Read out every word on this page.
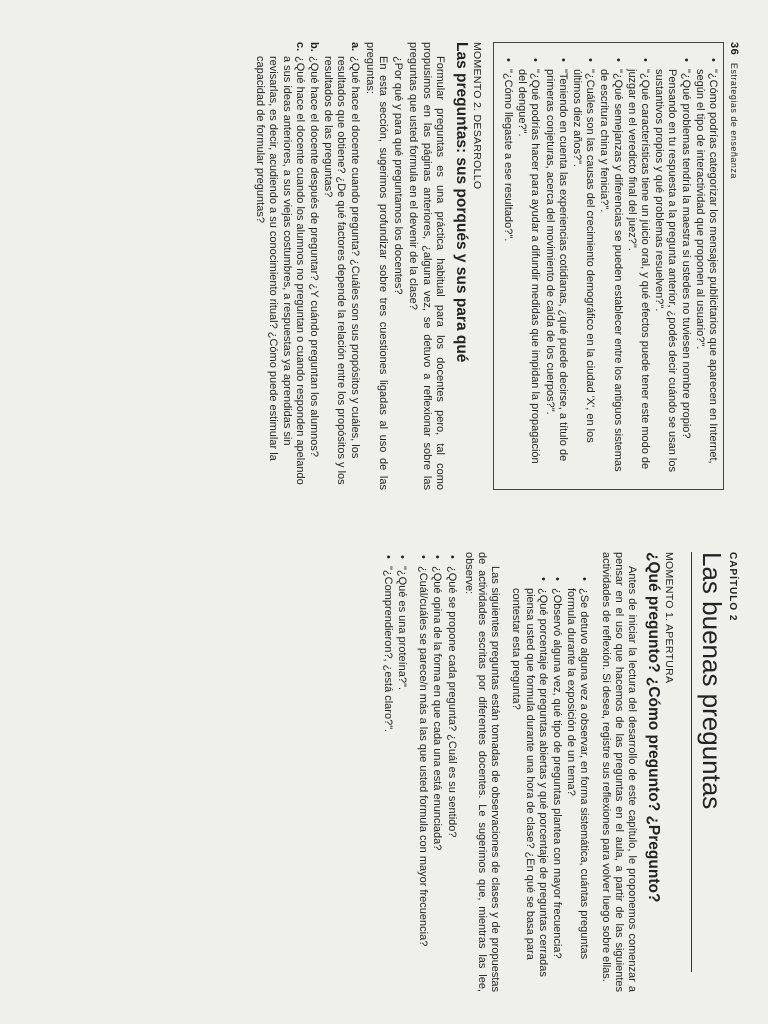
36 Estrategias de enseñanza
• "¿Cómo podrías categorizar los mensajes publicitarios que aparecen en Internet, según el tipo de interactividad que proponen al usuario?".
• "¿Qué problemas tendría la maestra si ustedes no tuviesen nombre propio? Pensando en tu respuesta a la pregunta anterior, ¿podés decir cuándo se usan los sustantivos propios y qué problemas resuelven?".
• "¿Qué características tiene un juicio oral, y qué efectos puede tener este modo de juzgar en el veredicto final del juez?".
• "¿Qué semejanzas y diferencias se pueden establecer entre los antiguos sistemas de escritura china y fenicia?".
• "¿Cuáles son las causas del crecimiento demográfico en la ciudad 'X', en los últimos diez años?".
• "Teniendo en cuenta las experiencias cotidianas, ¿qué puede decirse, a título de primeras conjeturas, acerca del movimiento de caída de los cuerpos?".
• "¿Qué podrías hacer para ayudar a difundir medidas que impidan la propagación del dengue?".
• "¿Cómo llegaste a ese resultado?".
MOMENTO 2. DESARROLLO
Las preguntas: sus porqués y sus para qué

Formular preguntas es una práctica habitual para los docentes pero, tal como propusimos en las páginas anteriores, ¿alguna vez, se detuvo a reflexionar sobre las preguntas que usted formula en el devenir de la clase?

¿Por qué y para qué preguntamos los docentes?

En esta sección, sugerimos profundizar sobre tres cuestiones ligadas al uso de las preguntas:

a. ¿Qué hace el docente cuando pregunta? ¿Cuáles son sus propósitos y cuáles, los resultados que obtiene? ¿De qué factores depende la relación entre los propósitos y los resultados de las preguntas?
b. ¿Qué hace el docente después de preguntar? ¿Y cuándo preguntan los alumnos?
c. ¿Qué hace el docente cuando los alumnos no preguntan o cuando responden apelando a sus ideas anteriores, a sus viejas costumbres, a respuestas ya aprendidas sin revisarlas, es decir, acudiendo a su conocimiento ritual? ¿Cómo puede estimular la capacidad de formular preguntas?
CAPÍTULO 2
Las buenas preguntas
MOMENTO 1. APERTURA
¿Qué pregunto? ¿Cómo pregunto? ¿Pregunto?

Antes de iniciar la lectura del desarrollo de este capítulo, le proponemos comenzar a pensar en el uso que hacemos de las preguntas en el aula, a partir de las siguientes actividades de reflexión. Si desea, registre sus reflexiones para volver luego sobre ellas.

• ¿Se detuvo alguna vez a observar, en forma sistemática, cuántas preguntas formula durante la exposición de un tema?
• ¿Observó alguna vez, qué tipo de preguntas plantea con mayor frecuencia?
• ¿Qué porcentaje de preguntas abiertas y qué porcentaje de preguntas cerradas piensa usted que formula durante una hora de clase? ¿En qué se basa para contestar esta pregunta?

Las siguientes preguntas están tomadas de observaciones de clases y de propuestas de actividades escritas por diferentes docentes. Le sugerimos que, mientras las lee, observe:

• ¿Qué se propone cada pregunta? ¿Cuál es su sentido?
• ¿Qué opina de la forma en que cada una está enunciada?
• ¿Cuál/cuáles se parece/n más a las que usted formula con mayor frecuencia?
• "¿Qué es una proteína?".
• "¿Comprendieron?, ¿está claro?".
